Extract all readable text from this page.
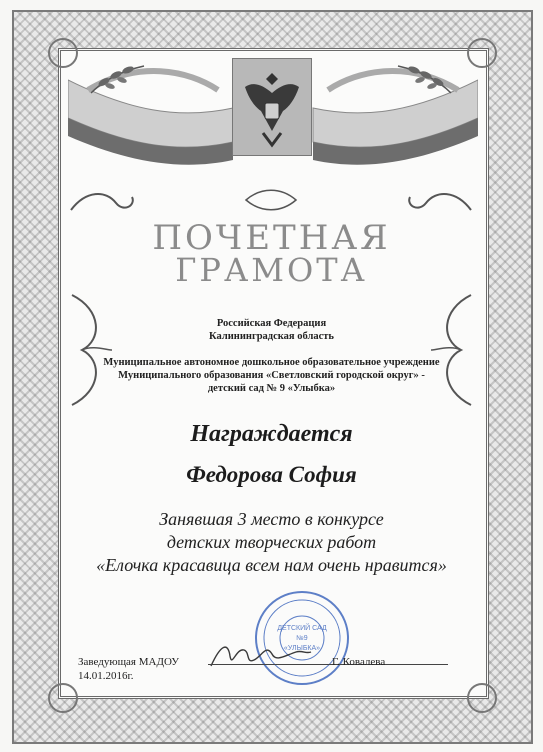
ПОЧЕТНАЯ
ГРАМОТА
Российская Федерация
Калининградская область
Муниципальное автономное дошкольное образовательное учреждение
Муниципального образования «Светловский городской округ» -
детский сад № 9 «Улыбка»
Награждается
Федорова София
Занявшая 3 место в конкурсе
детских творческих работ
«Елочка красавица всем нам очень нравится»
ДЕТСКИЙ САД
№9
«УЛЫБКА»
Заведующая МАДОУ
14.01.2016г.
Г. Ковалева
